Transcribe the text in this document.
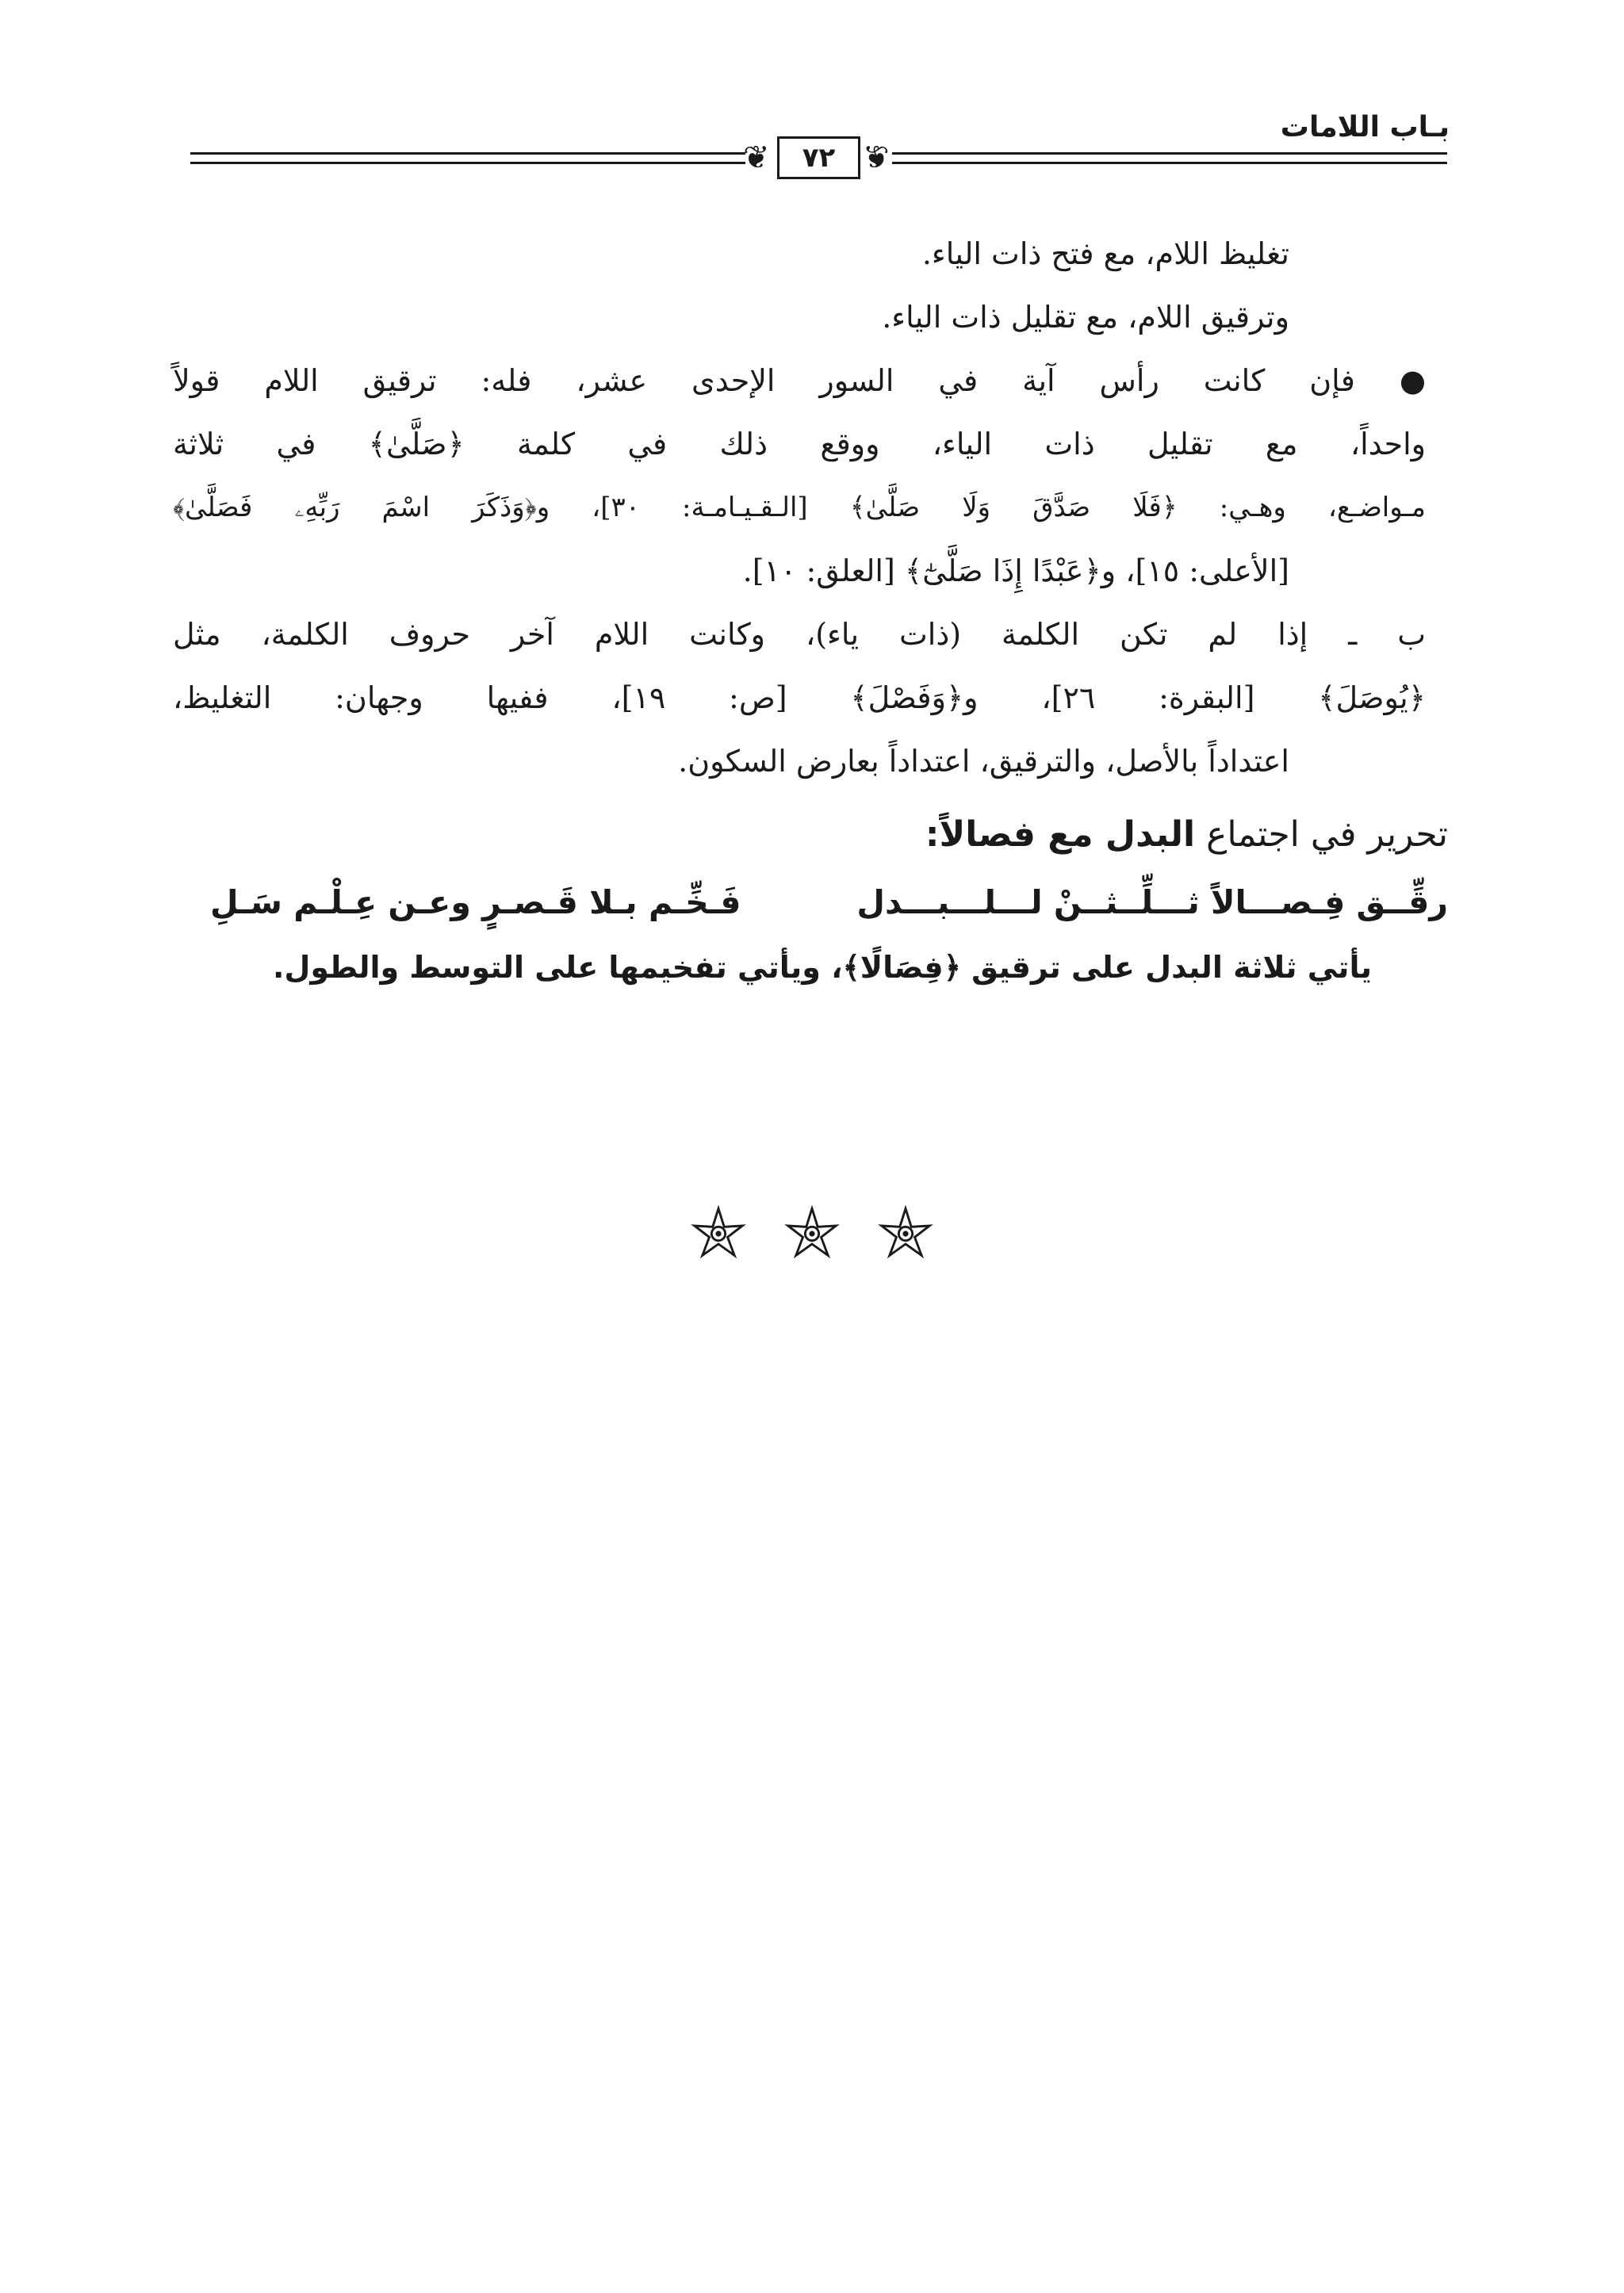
بـاب اللامات
❦	❦
٧٢
تغليظ اللام، مع فتح ذات الياء.
وترقيق اللام، مع تقليل ذات الياء.
● فإن كانت رأس آية في السور الإحدى عشر، فله: ترقيق اللام قولاً
واحداً، مع تقليل ذات الياء، ووقع ذلك في كلمة ﴿صَلَّىٰ﴾ في ثلاثة
مـواضـع، وهـي: ﴿فَلَا صَدَّقَ وَلَا صَلَّىٰ﴾ [الـقـيـامـة: ٣٠]، و﴿وَذَكَرَ اسْمَ رَبِّهِۦ فَصَلَّىٰ﴾
[الأعلى: ١٥]، و﴿عَبْدًا إِذَا صَلَّىٰٓ﴾ [العلق: ١٠].
ب ـ إذا لم تكن الكلمة (ذات ياء)، وكانت اللام آخر حروف الكلمة، مثل
﴿يُوصَلَ﴾ [البقرة: ٢٦]، و﴿وَفَصْلَ﴾ [ص: ١٩]، ففيها وجهان: التغليظ،
اعتداداً بالأصل، والترقيق، اعتداداً بعارض السكون.
تحرير في اجتماع البدل مع فصالاً:
رقِّــق فِـصـــالاً ثـــلِّــثــنْ لـــلـــبـــدل
فَـخِّـم بـلا قَـصـرٍ وعـن عِـلْـم سَـلِ
يأتي ثلاثة البدل على ترقيق ﴿فِصَالًا﴾، ويأتي تفخيمها على التوسط والطول.
